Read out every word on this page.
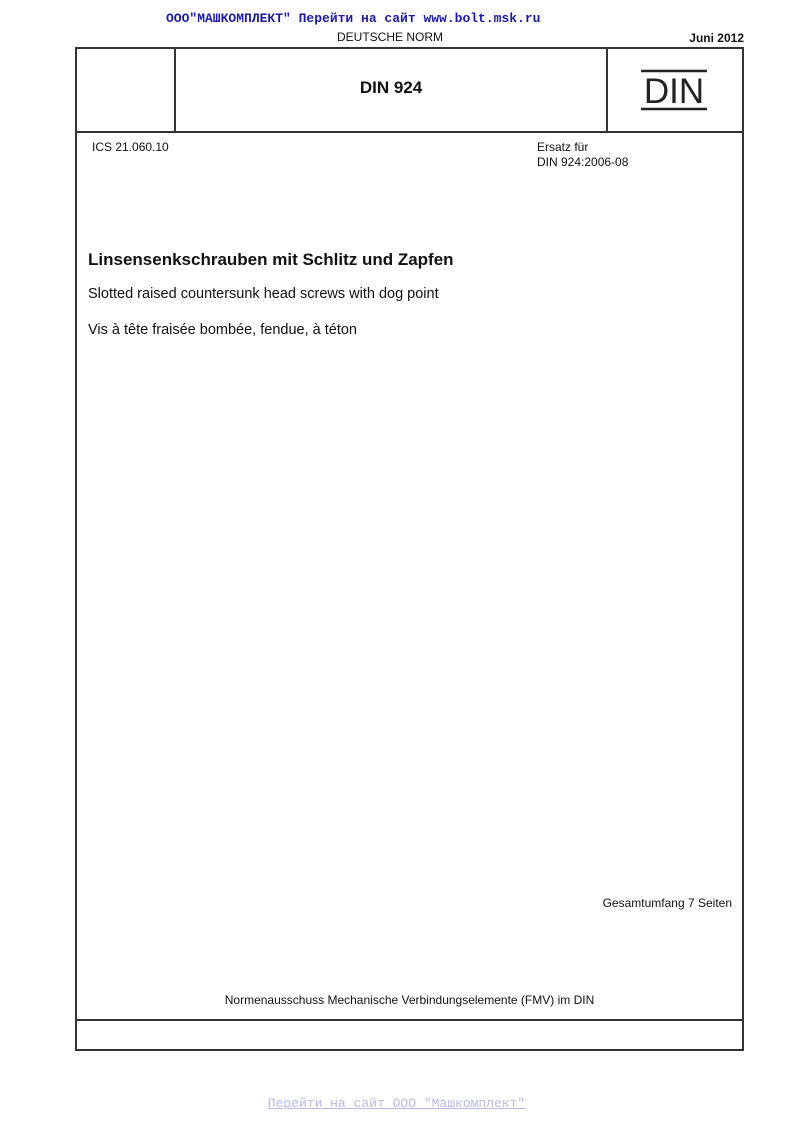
ООО"МАШКОМПЛЕКТ" Перейти на сайт www.bolt.msk.ru
DEUTSCHE NORM	Juni 2012
DIN 924	DIN
ICS 21.060.10	Ersatz für
DIN 924:2006-08
Linsensenkschrauben mit Schlitz und Zapfen
Slotted raised countersunk head screws with dog point
Vis à tête fraisée bombée, fendue, à téton
Gesamtumfang 7 Seiten
Normenausschuss Mechanische Verbindungselemente (FMV) im DIN
Перейти на сайт ООО "Машкомплект"
